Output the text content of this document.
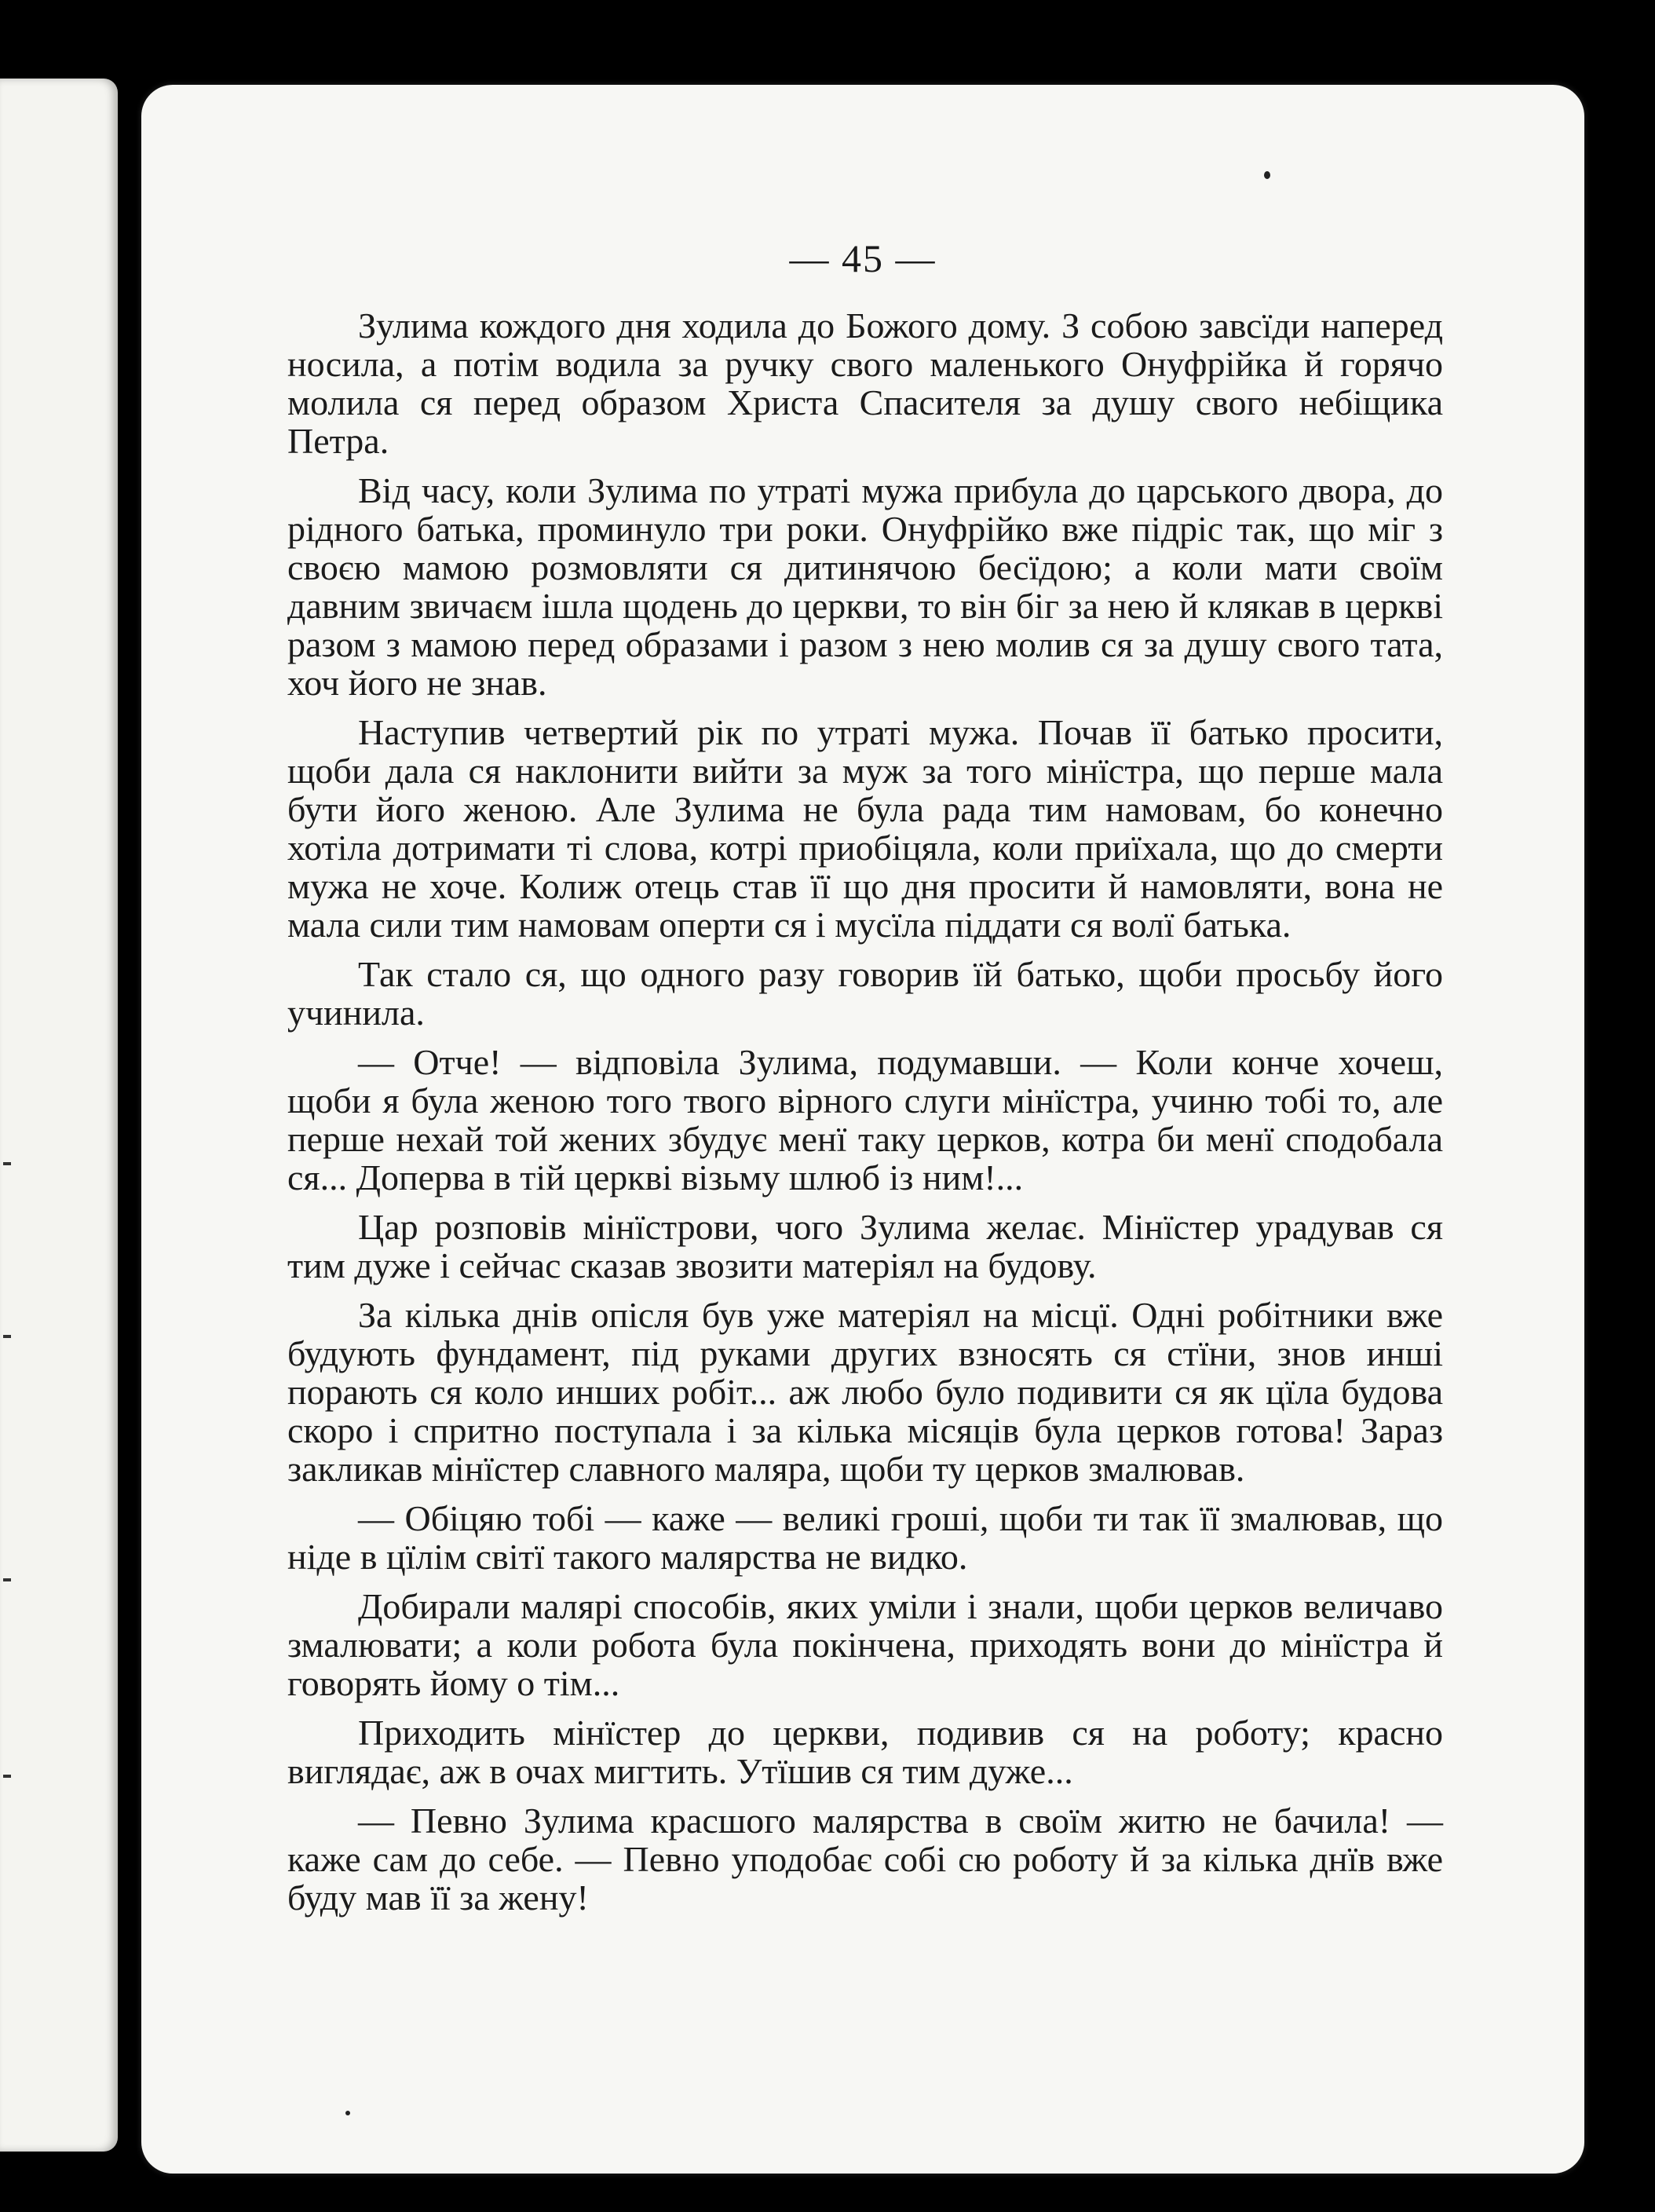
— 45 —

Зулима кождого дня ходила до Божого дому. З собою завсїди наперед носила, а потім водила за ручку свого маленького Онуфрійка й горячо молила ся перед образом Христа Спасителя за душу свого небіщика Петра.

Від часу, коли Зулима по утраті мужа прибула до царського двора, до рідного батька, проминуло три роки. Онуфрійко вже підріс так, що міг з своєю мамою розмовляти ся дитинячою бесїдою; а коли мати своїм давним звичаєм ішла щодень до церкви, то він біг за нею й клякав в церкві разом з мамою перед образами і разом з нею молив ся за душу свого тата, хоч його не знав.

Наступив четвертий рік по утраті мужа. Почав її батько просити, щоби дала ся наклонити вийти за муж за того мінїстра, що перше мала бути його женою. Але Зулима не була рада тим намовам, бо конечно хотіла дотримати ті слова, котрі приобіцяла, коли приїхала, що до смерти мужа не хоче. Колиж отець став її що дня просити й намовляти, вона не мала сили тим намовам оперти ся і мусїла піддати ся волї батька.

Так стало ся, що одного разу говорив їй батько, щоби просьбу його учинила.

— Отче! — відповіла Зулима, подумавши. — Коли конче хочеш, щоби я була женою того твого вірного слуги мінїстра, учиню тобі то, але перше нехай той жених збудує менї таку церков, котра би менї сподобала ся... Доперва в тій церкві візьму шлюб із ним!...

Цар розповів мінїстрови, чого Зулима желає. Мінїстер урадував ся тим дуже і сейчас сказав звозити матеріял на будову.

За кілька днів опісля був уже матеріял на місцї. Одні робітники вже будують фундамент, під руками других взносять ся стїни, знов инші порають ся коло инших робіт... аж любо було подивити ся як цїла будова скоро і спритно поступала і за кілька місяців була церков готова! Зараз закликав мінїстер славного маляра, щоби ту церков змалював.

— Обіцяю тобі — каже — великі гроші, щоби ти так її змалював, що ніде в цїлім світї такого малярства не видко.

Добирали малярі способів, яких уміли і знали, щоби церков величаво змалювати; а коли робота була покінчена, приходять вони до мінїстра й говорять йому о тім...

Приходить мінїстер до церкви, подивив ся на роботу; красно виглядає, аж в очах мигтить. Утїшив ся тим дуже...

— Певно Зулима красшого малярства в своїм житю не бачила! — каже сам до себе. — Певно уподобає собі сю роботу й за кілька днїв вже буду мав її за жену!
